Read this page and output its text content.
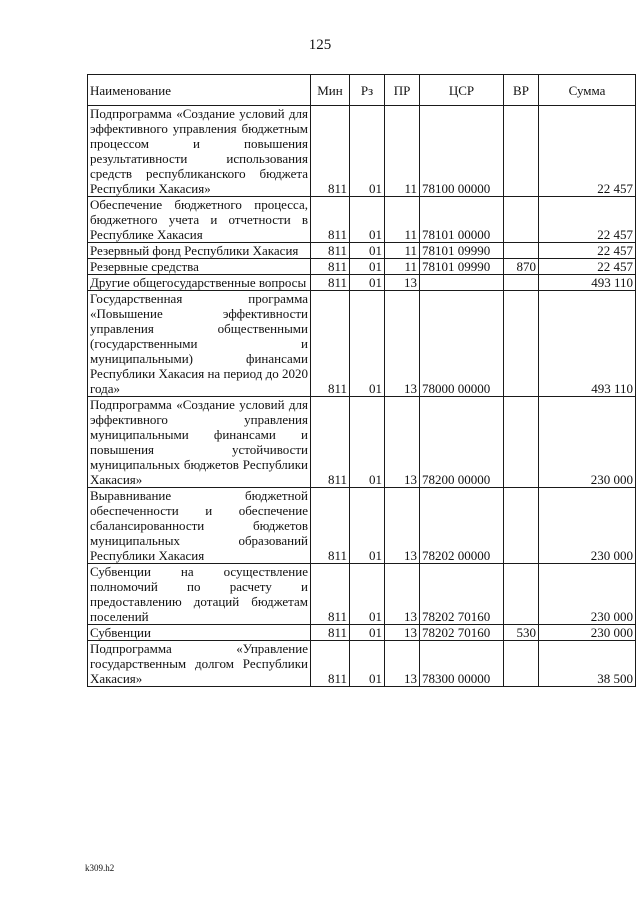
125
Наименование	Мин	Рз	ПР	ЦСР	ВР	Сумма
Подпрограмма «Создание условий для эффективного управления бюджетным процессом и повышения результативности использования средств республиканского бюджета Республики Хакасия»	811	01	11	78100 00000		22 457
Обеспечение бюджетного процесса, бюджетного учета и отчетности в Республике Хакасия	811	01	11	78101 00000		22 457
Резервный фонд Республики Хакасия	811	01	11	78101 09990		22 457
Резервные средства	811	01	11	78101 09990	870	22 457
Другие общегосударственные вопросы	811	01	13			493 110
Государственная программа «Повышение эффективности управления общественными (государственными и муниципальными) финансами Республики Хакасия на период до 2020 года»	811	01	13	78000 00000		493 110
Подпрограмма «Создание условий для эффективного управления муниципальными финансами и повышения устойчивости муниципальных бюджетов Республики Хакасия»	811	01	13	78200 00000		230 000
Выравнивание бюджетной обеспеченности и обеспечение сбалансированности бюджетов муниципальных образований Республики Хакасия	811	01	13	78202 00000		230 000
Субвенции на осуществление полномочий по расчету и предоставлению дотаций бюджетам поселений	811	01	13	78202 70160		230 000
Субвенции	811	01	13	78202 70160	530	230 000
Подпрограмма «Управление государственным долгом Республики Хакасия»	811	01	13	78300 00000		38 500
k309.h2
